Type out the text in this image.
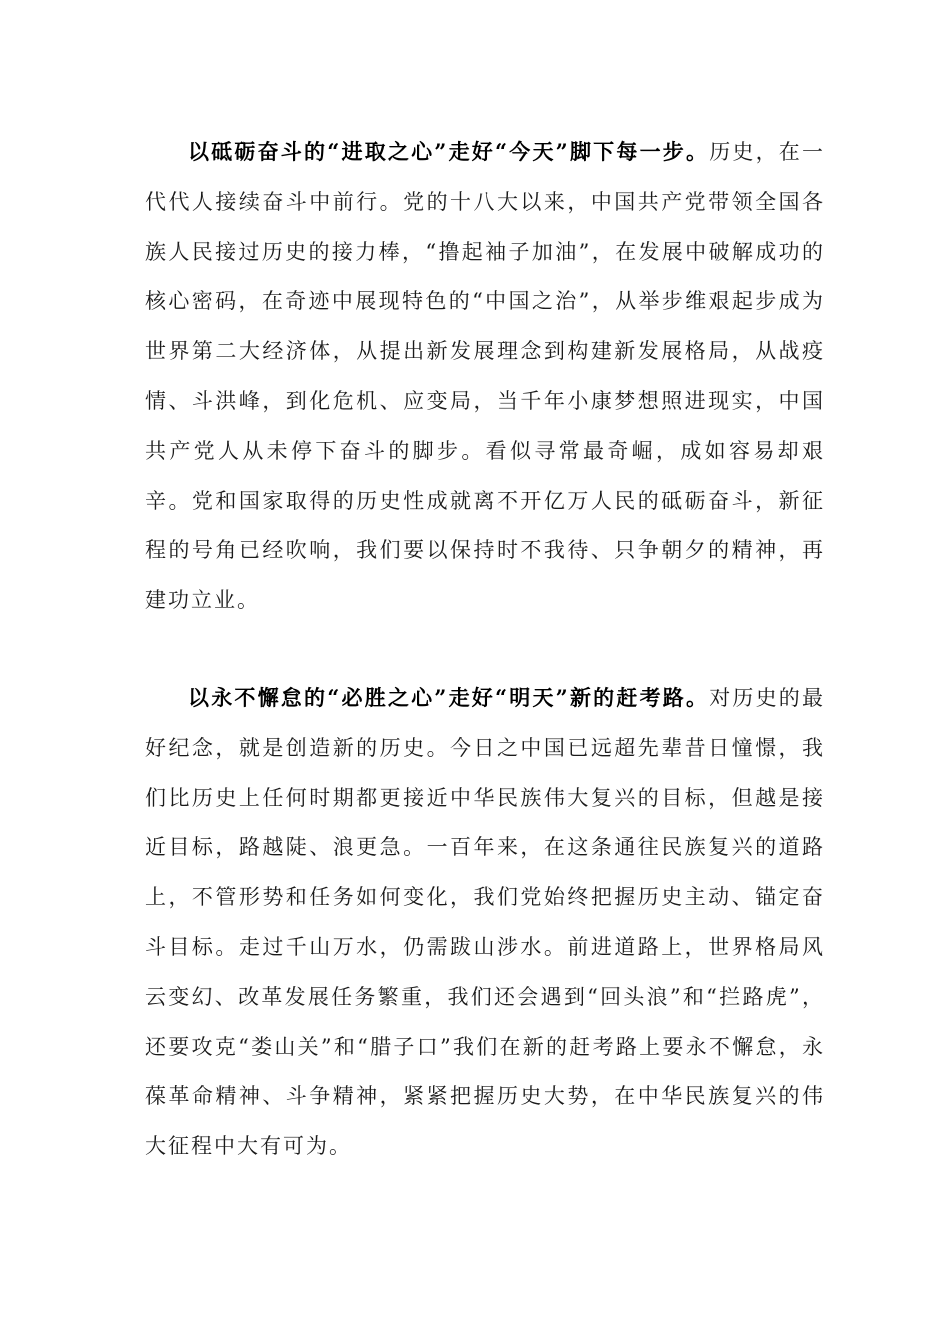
以砥砺奋斗的“进取之心”走好“今天”脚下每一步。历史，在一代代人接续奋斗中前行。党的十八大以来，中国共产党带领全国各族人民接过历史的接力棒，“撸起袖子加油”，在发展中破解成功的核心密码，在奇迹中展现特色的“中国之治”，从举步维艰起步成为世界第二大经济体，从提出新发展理念到构建新发展格局，从战疫情、斗洪峰，到化危机、应变局，当千年小康梦想照进现实，中国共产党人从未停下奋斗的脚步。看似寻常最奇崛，成如容易却艰辛。党和国家取得的历史性成就离不开亿万人民的砥砺奋斗，新征程的号角已经吹响，我们要以保持时不我待、只争朝夕的精神，再建功立业。

以永不懈怠的“必胜之心”走好“明天”新的赶考路。对历史的最好纪念，就是创造新的历史。今日之中国已远超先辈昔日憧憬，我们比历史上任何时期都更接近中华民族伟大复兴的目标，但越是接近目标，路越陡、浪更急。一百年来，在这条通往民族复兴的道路上，不管形势和任务如何变化，我们党始终把握历史主动、锚定奋斗目标。走过千山万水，仍需跋山涉水。前进道路上，世界格局风云变幻、改革发展任务繁重，我们还会遇到“回头浪”和“拦路虎”，还要攻克“娄山关”和“腊子口”我们在新的赶考路上要永不懈怠，永葆革命精神、斗争精神，紧紧把握历史大势，在中华民族复兴的伟大征程中大有可为。
